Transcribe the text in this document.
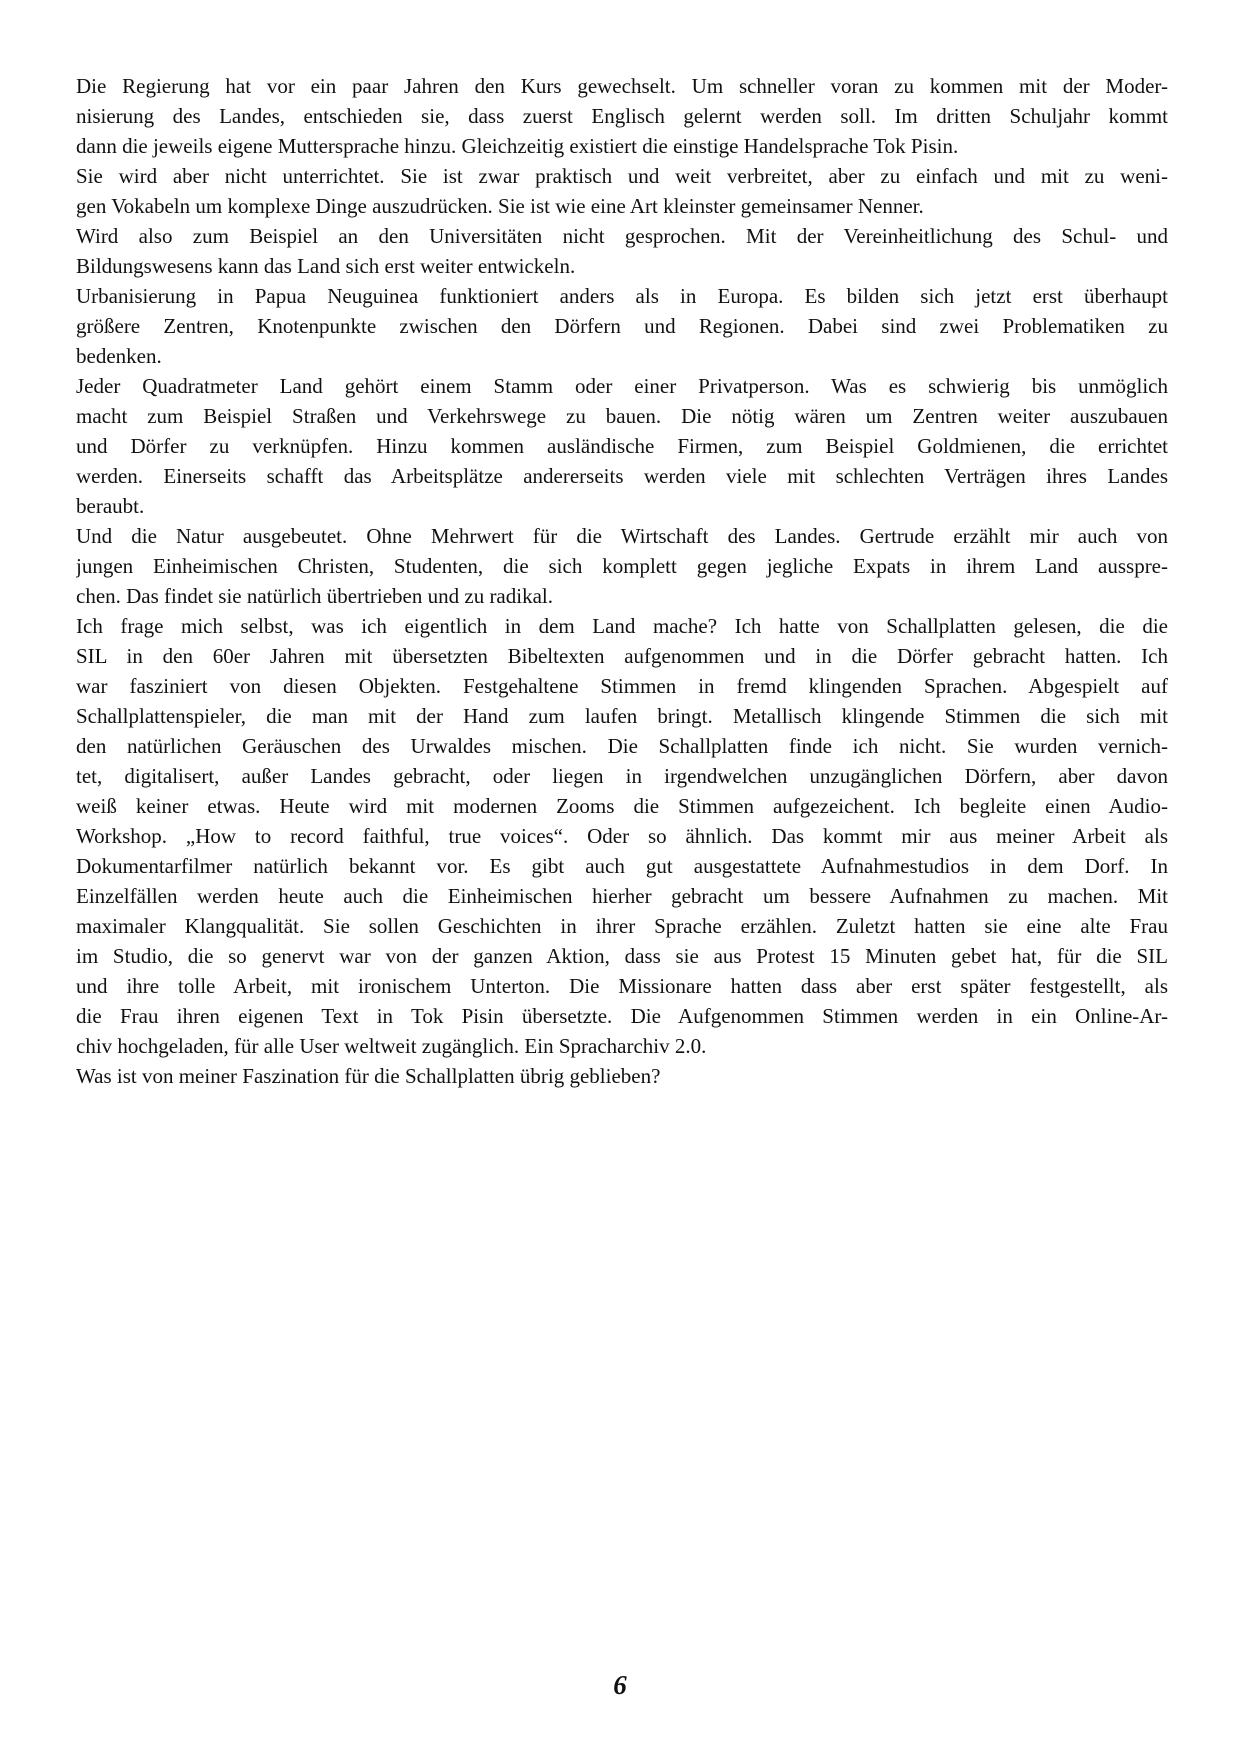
Die Regierung hat vor ein paar Jahren den Kurs gewechselt. Um schneller voran zu kommen mit der Moder-
nisierung des Landes, entschieden sie, dass zuerst Englisch gelernt werden soll. Im dritten Schuljahr kommt
dann die jeweils eigene Muttersprache hinzu. Gleichzeitig existiert die einstige Handelsprache Tok Pisin.
Sie wird aber nicht unterrichtet. Sie ist zwar praktisch und weit verbreitet, aber zu einfach und mit zu weni-
gen Vokabeln um komplexe Dinge auszudrücken. Sie ist wie eine Art kleinster gemeinsamer Nenner.
Wird also zum Beispiel an den Universitäten nicht gesprochen. Mit der Vereinheitlichung des Schul- und
Bildungswesens kann das Land sich erst weiter entwickeln.
Urbanisierung in Papua Neuguinea funktioniert anders als in Europa. Es bilden sich jetzt erst überhaupt
größere Zentren, Knotenpunkte zwischen den Dörfern und Regionen. Dabei sind zwei Problematiken zu
bedenken.
Jeder Quadratmeter Land gehört einem Stamm oder einer Privatperson. Was es schwierig bis unmöglich
macht zum Beispiel Straßen und Verkehrswege zu bauen. Die nötig wären um Zentren weiter auszubauen
und Dörfer zu verknüpfen. Hinzu kommen ausländische Firmen, zum Beispiel Goldmienen, die errichtet
werden. Einerseits schafft das Arbeitsplätze andererseits werden viele mit schlechten Verträgen ihres Landes
beraubt.
Und die Natur ausgebeutet. Ohne Mehrwert für die Wirtschaft des Landes. Gertrude erzählt mir auch von
jungen Einheimischen Christen, Studenten, die sich komplett gegen jegliche Expats in ihrem Land ausspre-
chen. Das findet sie natürlich übertrieben und zu radikal.
Ich frage mich selbst, was ich eigentlich in dem Land mache? Ich hatte von Schallplatten gelesen, die die
SIL in den 60er Jahren mit übersetzten Bibeltexten aufgenommen und in die Dörfer gebracht hatten. Ich
war fasziniert von diesen Objekten. Festgehaltene Stimmen in fremd klingenden Sprachen. Abgespielt auf
Schallplattenspieler, die man mit der Hand zum laufen bringt. Metallisch klingende Stimmen die sich mit
den natürlichen Geräuschen des Urwaldes mischen. Die Schallplatten finde ich nicht. Sie wurden vernich-
tet, digitalisert, außer Landes gebracht, oder liegen in irgendwelchen unzugänglichen Dörfern, aber davon
weiß keiner etwas. Heute wird mit modernen Zooms die Stimmen aufgezeichent. Ich begleite einen Audio-
Workshop. „How to record faithful, true voices“. Oder so ähnlich. Das kommt mir aus meiner Arbeit als
Dokumentarfilmer natürlich bekannt vor. Es gibt auch gut ausgestattete Aufnahmestudios in dem Dorf. In
Einzelfällen werden heute auch die Einheimischen hierher gebracht um bessere Aufnahmen zu machen. Mit
maximaler Klangqualität. Sie sollen Geschichten in ihrer Sprache erzählen. Zuletzt hatten sie eine alte Frau
im Studio, die so genervt war von der ganzen Aktion, dass sie aus Protest 15 Minuten gebet hat, für die SIL
und ihre tolle Arbeit, mit ironischem Unterton. Die Missionare hatten dass aber erst später festgestellt, als
die Frau ihren eigenen Text in Tok Pisin übersetzte. Die Aufgenommen Stimmen werden in ein Online-Ar-
chiv hochgeladen, für alle User weltweit zugänglich. Ein Spracharchiv 2.0.
Was ist von meiner Faszination für die Schallplatten übrig geblieben?
6
